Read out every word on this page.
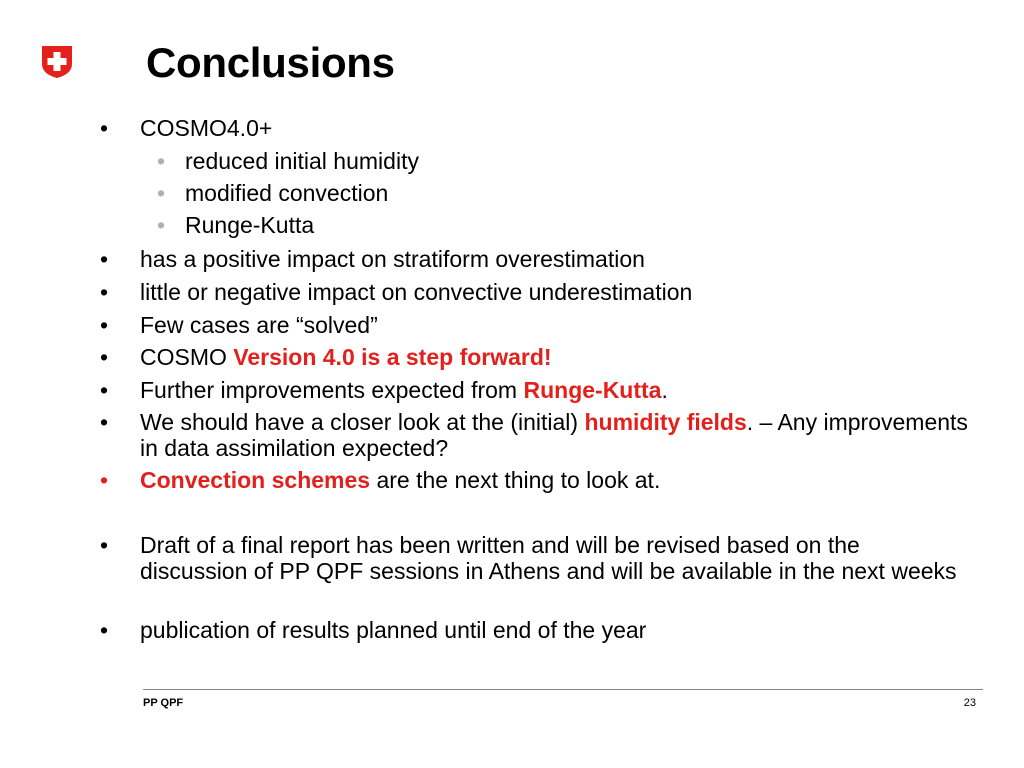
Conclusions
• COSMO4.0+
• reduced initial humidity
• modified convection
• Runge-Kutta
• has a positive impact on stratiform overestimation
• little or negative impact on convective underestimation
• Few cases are “solved”
• COSMO Version 4.0 is a step forward!
• Further improvements expected from Runge-Kutta.
• We should have a closer look at the (initial) humidity fields. – Any improvements in data assimilation expected?
• Convection schemes are the next thing to look at.
• Draft of a final report has been written and will be revised based on the discussion of PP QPF sessions in Athens and will be available in the next weeks
• publication of results planned until end of the year
PP QPF	23
